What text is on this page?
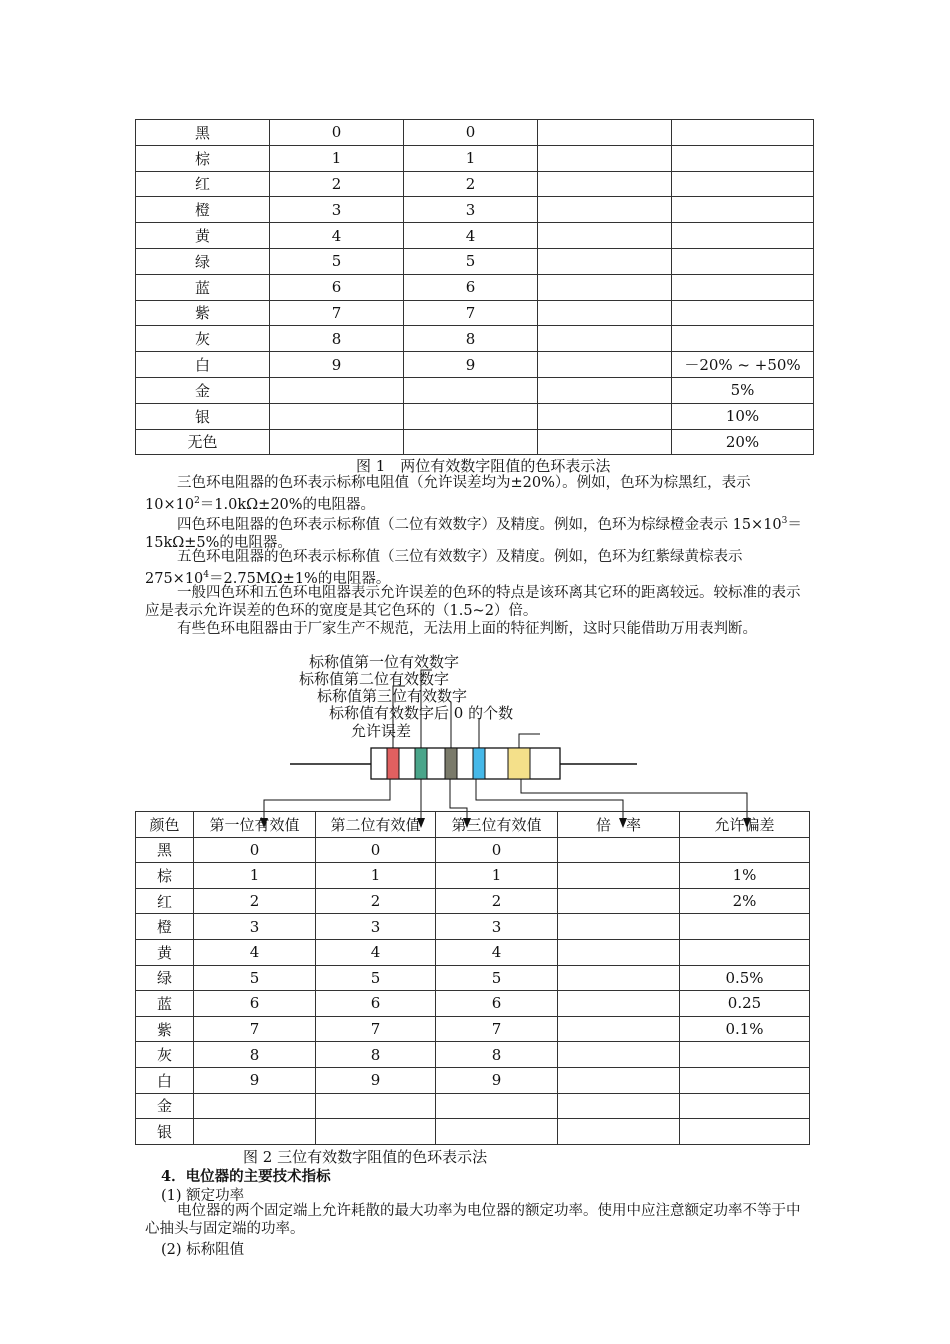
黑	0	0		
棕	1	1		
红	2	2		
橙	3	3		
黄	4	4		
绿	5	5		
蓝	6	6		
紫	7	7		
灰	8	8		
白	9	9		－20% ~ +50%
金				5%
银				10%
无色				20%
图 1　两位有效数字阻值的色环表示法
三色环电阻器的色环表示标称电阻值（允许误差均为±20%）。例如，色环为棕黑红，表示 $10\times 10^2=1.0k\Omega\pm 20\%$的电阻器。
四色环电阻器的色环表示标称值（二位有效数字）及精度。例如，色环为棕绿橙金表示 $15\times 10^3=15k\Omega\pm 5\%$的电阻器。
五色环电阻器的色环表示标称值（三位有效数字）及精度。例如，色环为红紫绿黄棕表示 $275\times 10^4=2.75M\Omega\pm 1\%$的电阻器。
一般四色环和五色环电阻器表示允许误差的色环的特点是该环离其它环的距离较远。较标准的表示应是表示允许误差的色环的宽度是其它色环的（1.5~2）倍。
有些色环电阻器由于厂家生产不规范，无法用上面的特征判断，这时只能借助万用表判断。
标称值第一位有效数字
标称值第二位有效数字
标称值第三位有效数字
标称值有效数字后 0 的个数
允许误差
颜色	第一位有效值	第二位有效值	第三位有效值	倍　率	允许偏差
黑	0	0	0		
棕	1	1	1		1%
红	2	2	2		2%
橙	3	3	3		
黄	4	4	4		
绿	5	5	5		0.5%
蓝	6	6	6		0.25
紫	7	7	7		0.1%
灰	8	8	8		
白	9	9	9		
金					
银					
图 2 三位有效数字阻值的色环表示法
4．电位器的主要技术指标
(1) 额定功率
电位器的两个固定端上允许耗散的最大功率为电位器的额定功率。使用中应注意额定功率不等于中心抽头与固定端的功率。
(2) 标称阻值
